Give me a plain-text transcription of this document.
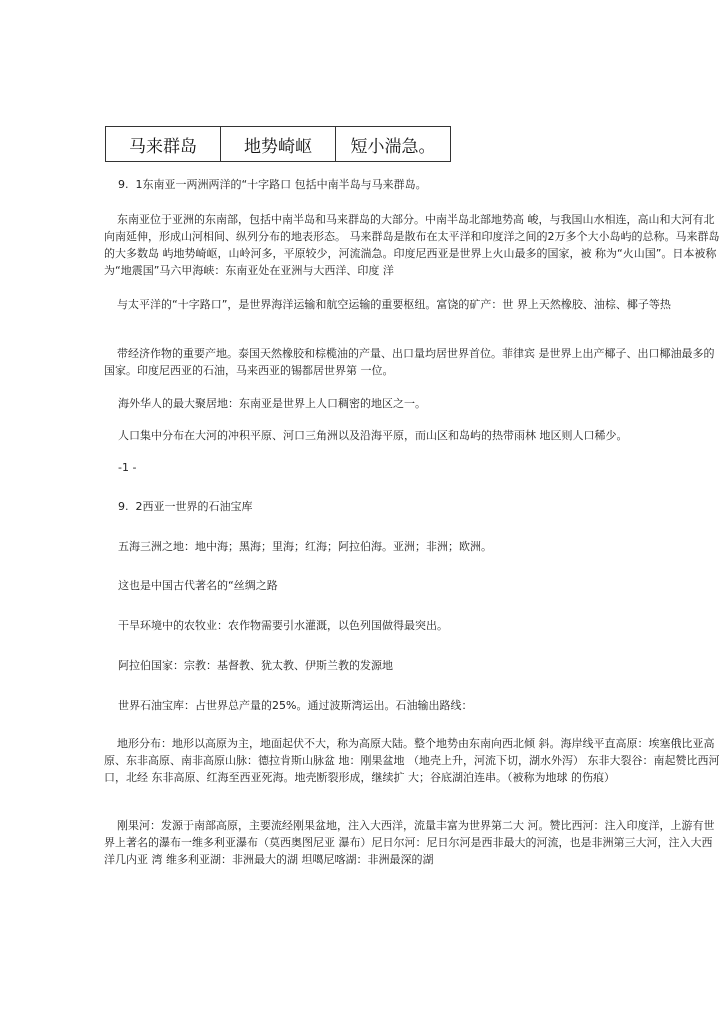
马来群岛	地势崎岖	短小湍急。

9.  1东南亚一两洲两洋的“十字路口 包括中南半岛与马来群岛。

东南亚位于亚洲的东南部，包括中南半岛和马来群岛的大部分。中南半岛北部地势高 峻，与我国山水相连，高山和大河有北向南延伸，形成山河相间、纵列分布的地表形态。 马来群岛是散布在太平洋和印度洋之间的2万多个大小岛屿的总称。马来群岛的大多数岛 屿地势崎岖，山岭河多，平原较少，河流湍急。印度尼西亚是世界上火山最多的国家，被 称为“火山国”。日本被称为“地震国”马六甲海峡：东南亚处在亚洲与大西洋、印度 洋

与太平洋的“十字路口”，是世界海洋运输和航空运输的重要枢纽。富饶的矿产：世 界上天然橡胶、油棕、椰子等热

带经济作物的重要产地。泰国天然橡胶和棕榄油的产量、出口量均居世界首位。菲律宾 是世界上出产椰子、出口椰油最多的国家。印度尼西亚的石油，马来西亚的锡都居世界第 一位。

海外华人的最大聚居地：东南亚是世界上人口稠密的地区之一。

人口集中分布在大河的冲积平原、河口三角洲以及沿海平原，而山区和岛屿的热带雨林 地区则人口稀少。

-1 -

9.  2西亚一世界的石油宝库

五海三洲之地：地中海；黑海；里海；红海；阿拉伯海。亚洲；非洲；欧洲。

这也是中国古代著名的“丝绸之路

干旱环境中的农牧业：农作物需要引水灌溉，以色列国做得最突出。

阿拉伯国家：宗教：基督教、犹太教、伊斯兰教的发源地

世界石油宝库：占世界总产量的25%。通过波斯湾运出。石油输出路线：

地形分布：地形以高原为主，地面起伏不大，称为高原大陆。整个地势由东南向西北倾 斜。海岸线平直高原：埃塞俄比亚高原、东非高原、南非高原山脉：德拉肯斯山脉盆 地：刚果盆地 （地壳上升，河流下切，湖水外泻） 东非大裂谷：南起赞比西河口，北经 东非高原、红海至西亚死海。地壳断裂形成，继续扩 大；谷底湖泊连串。（被称为地球 的伤痕）

刚果河：发源于南部高原，主要流经刚果盆地，注入大西洋，流量丰富为世界第二大 河。赞比西河：注入印度洋，上游有世界上著名的瀑布一维多利亚瀑布（莫西奥图尼亚 瀑布）尼日尔河：尼日尔河是西非最大的河流，也是非洲第三大河，注入大西洋几内亚 湾 维多利亚湖：非洲最大的湖 坦噶尼喀湖：非洲最深的湖
